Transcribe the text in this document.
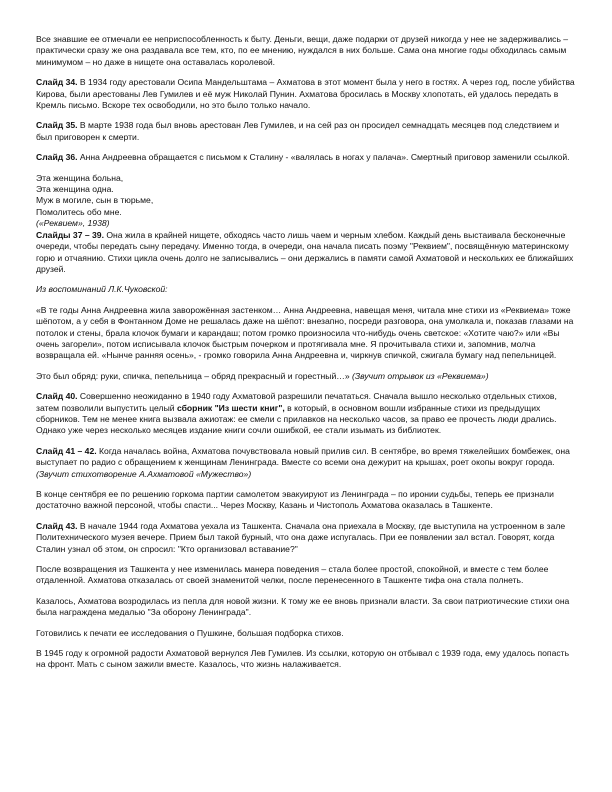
Все знавшие ее отмечали ее неприспособленность к быту. Деньги, вещи, даже подарки от друзей никогда у нее не задерживались – практически сразу же она раздавала все тем, кто, по ее мнению, нуждался в них больше. Сама она многие годы обходилась самым минимумом – но даже в нищете она оставалась королевой.

Слайд 34. В 1934 году арестовали Осипа Мандельштама – Ахматова в этот момент была у него в гостях. А через год, после убийства Кирова, были арестованы Лев Гумилев и её муж Николай Пунин. Ахматова бросилась в Москву хлопотать, ей удалось передать в Кремль письмо. Вскоре тех освободили, но это было только начало.

Слайд 35. В марте 1938 года был вновь арестован Лев Гумилев, и на сей раз он просидел семнадцать месяцев под следствием и был приговорен к смерти.

Слайд 36. Анна Андреевна обращается с письмом к Сталину - «валялась в ногах у палача». Смертный приговор заменили ссылкой.

Эта женщина больна,
Эта женщина одна.
Муж в могиле, сын в тюрьме,
Помолитесь обо мне.
(«Реквием», 1938)

Слайды 37 – 39. Она жила в крайней нищете, обходясь часто лишь чаем и черным хлебом. Каждый день выстаивала бесконечные очереди, чтобы передать сыну передачу. Именно тогда, в очереди, она начала писать поэму "Реквием", посвящённую материнскому горю и отчаянию. Стихи цикла очень долго не записывались – они держались в памяти самой Ахматовой и нескольких ее ближайших друзей.

Из воспоминаний Л.К.Чуковской:

«В те годы Анна Андреевна жила заворожённая застенком… Анна Андреевна, навещая меня, читала мне стихи из «Реквиема» тоже шёпотом, а у себя в Фонтанном Доме не решалась даже на шёпот: внезапно, посреди разговора, она умолкала и, показав глазами на потолок и стены, брала клочок бумаги и карандаш; потом громко произносила что-нибудь очень светское: «Хотите чаю?» или «Вы очень загорели», потом исписывала клочок быстрым почерком и протягивала мне. Я прочитывала стихи и, запомнив, молча возвращала ей. «Нынче ранняя осень», - громко говорила Анна Андреевна и, чиркнув спичкой, сжигала бумагу над пепельницей.

Это был обряд: руки, спичка, пепельница – обряд прекрасный и горестный…» (Звучит отрывок из «Реквиема»)

Слайд 40. Совершенно неожиданно в 1940 году Ахматовой разрешили печататься. Сначала вышло несколько отдельных стихов, затем позволили выпустить целый сборник "Из шести книг", в который, в основном вошли избранные стихи из предыдущих сборников. Тем не менее книга вызвала ажиотаж: ее смели с прилавков на несколько часов, за право ее прочесть люди дрались. Однако уже через несколько месяцев издание книги сочли ошибкой, ее стали изымать из библиотек.

Слайд 41 – 42. Когда началась война, Ахматова почувствовала новый прилив сил. В сентябре, во время тяжелейших бомбежек, она выступает по радио с обращением к женщинам Ленинграда. Вместе со всеми она дежурит на крышах, роет окопы вокруг города. (Звучит стихотворение А.Ахматовой «Мужество»)

В конце сентября ее по решению горкома партии самолетом эвакуируют из Ленинграда – по иронии судьбы, теперь ее признали достаточно важной персоной, чтобы спасти... Через Москву, Казань и Чистополь Ахматова оказалась в Ташкенте.

Слайд 43. В начале 1944 года Ахматова уехала из Ташкента. Сначала она приехала в Москву, где выступила на устроенном в зале Политехнического музея вечере. Прием был такой бурный, что она даже испугалась. При ее появлении зал встал. Говорят, когда Сталин узнал об этом, он спросил: "Кто организовал вставание?"

После возвращения из Ташкента у нее изменилась манера поведения – стала более простой, спокойной, и вместе с тем более отдаленной. Ахматова отказалась от своей знаменитой челки, после перенесенного в Ташкенте тифа она стала полнеть.

Казалось, Ахматова возродилась из пепла для новой жизни. К тому же ее вновь признали власти. За свои патриотические стихи она была награждена медалью "За оборону Ленинграда".

Готовились к печати ее исследования о Пушкине, большая подборка стихов.

В 1945 году к огромной радости Ахматовой вернулся Лев Гумилев. Из ссылки, которую он отбывал с 1939 года, ему удалось попасть на фронт. Мать с сыном зажили вместе. Казалось, что жизнь налаживается.
